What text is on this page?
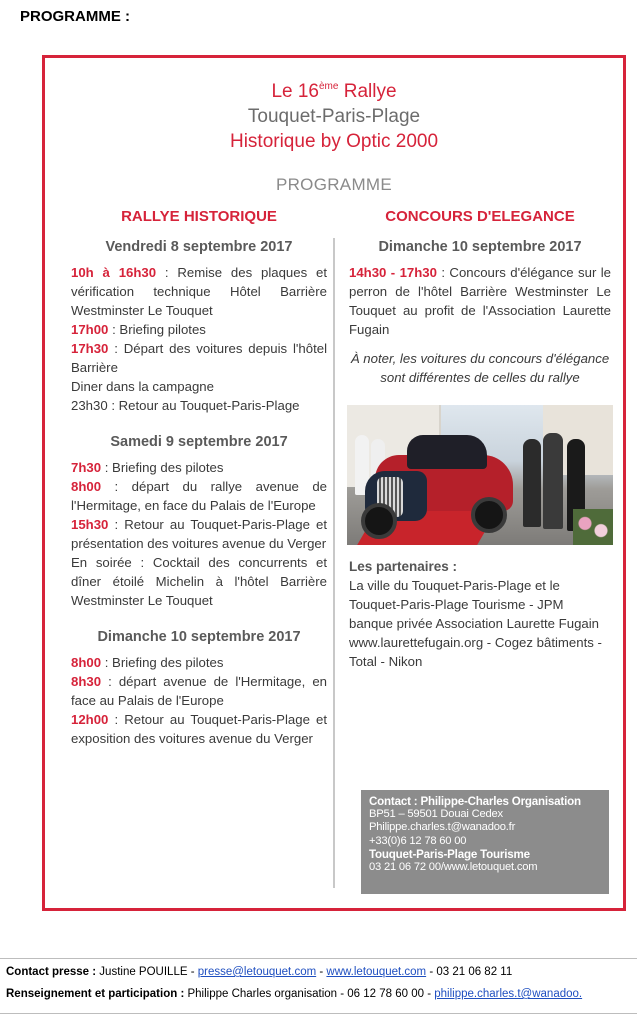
PROGRAMME :
Le 16ème Rallye
Touquet-Paris-Plage
Historique by Optic 2000
PROGRAMME
RALLYE HISTORIQUE
Vendredi 8 septembre 2017

10h à 16h30 : Remise des plaques et vérification technique Hôtel Barrière Westminster Le Touquet

17h00 : Briefing pilotes

17h30 : Départ des voitures depuis l'hôtel Barrière

Diner dans la campagne

23h30 : Retour au Touquet-Paris-Plage

Samedi 9 septembre 2017

7h30 : Briefing des pilotes

8h00 : départ du rallye avenue de l'Hermitage, en face du Palais de l'Europe

15h30 : Retour au Touquet-Paris-Plage et présentation des voitures avenue du Verger

En soirée : Cocktail des concurrents et dîner étoilé Michelin à l'hôtel Barrière Westminster Le Touquet

Dimanche 10 septembre 2017

8h00 : Briefing des pilotes

8h30 : départ avenue de l'Hermitage, en face au Palais de l'Europe

12h00 : Retour au Touquet-Paris-Plage et exposition des voitures avenue du Verger

CONCOURS D'ELEGANCE
Dimanche 10 septembre 2017

14h30 - 17h30 : Concours d'élégance sur le perron de l'hôtel Barrière Westminster Le Touquet au profit de l'Association Laurette Fugain

À noter, les voitures du concours d'élégance sont différentes de celles du rallye

Les partenaires :

La ville du Touquet-Paris-Plage et le Touquet-Paris-Plage Tourisme - JPM banque privée Association Laurette Fugain www.laurettefugain.org - Cogez bâtiments - Total - Nikon

Contact : Philippe-Charles Organisation
BP51 – 59501 Douai Cedex
Philippe.charles.t@wanadoo.fr
+33(0)6 12 78 60 00
Touquet-Paris-Plage Tourisme
03 21 06 72 00/www.letouquet.com
Contact presse : Justine POUILLE - presse@letouquet.com - www.letouquet.com - 03 21 06 82 11
Renseignement et participation : Philippe Charles organisation - 06 12 78 60 00 - philippe.charles.t@wanadoo.
